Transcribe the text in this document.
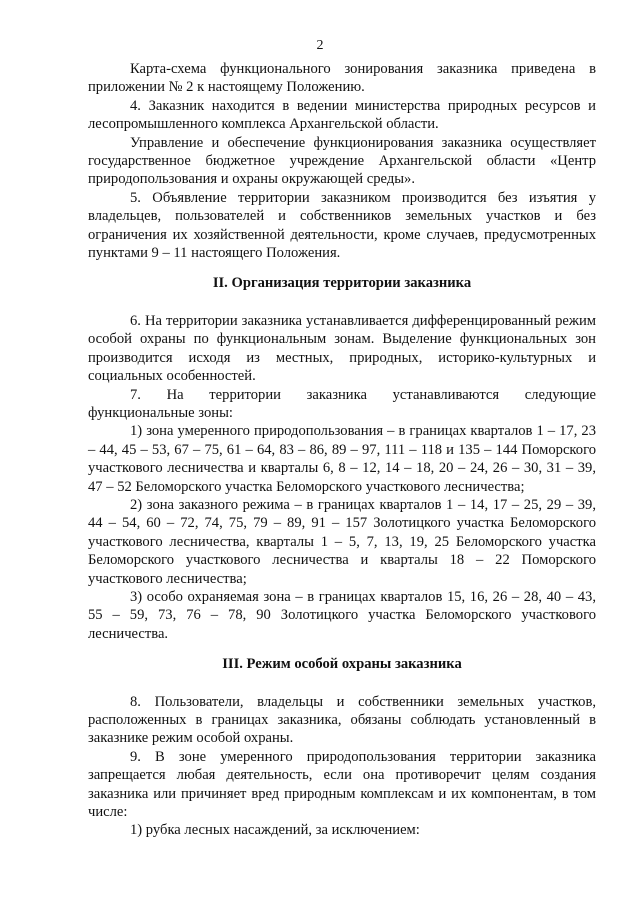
2

Карта-схема функционального зонирования заказника приведена в приложении № 2 к настоящему Положению.

4. Заказник находится в ведении министерства природных ресурсов и лесопромышленного комплекса Архангельской области.

Управление и обеспечение функционирования заказника осуществляет государственное бюджетное учреждение Архангельской области «Центр природопользования и охраны окружающей среды».

5. Объявление территории заказником производится без изъятия у владельцев, пользователей и собственников земельных участков и без ограничения их хозяйственной деятельности, кроме случаев, предусмотренных пунктами 9 – 11 настоящего Положения.

II. Организация территории заказника

6. На территории заказника устанавливается дифференцированный режим особой охраны по функциональным зонам. Выделение функциональных зон производится исходя из местных, природных, историко-культурных и социальных особенностей.

7. На территории заказника устанавливаются следующие функциональные зоны:

1) зона умеренного природопользования – в границах кварталов 1 – 17, 23 – 44, 45 – 53, 67 – 75, 61 – 64, 83 – 86, 89 – 97, 111 – 118 и 135 – 144 Поморского участкового лесничества и кварталы 6, 8 – 12, 14 – 18, 20 – 24, 26 – 30, 31 – 39, 47 – 52 Беломорского участка Беломорского участкового лесничества;

2) зона заказного режима – в границах кварталов 1 – 14, 17 – 25, 29 – 39, 44 – 54, 60 – 72, 74, 75, 79 – 89, 91 – 157 Золотицкого участка Беломорского участкового лесничества, кварталы 1 – 5, 7, 13, 19, 25 Беломорского участка Беломорского участкового лесничества и кварталы 18 – 22 Поморского участкового лесничества;

3) особо охраняемая зона – в границах кварталов 15, 16, 26 – 28, 40 – 43, 55 – 59, 73, 76 – 78, 90 Золотицкого участка Беломорского участкового лесничества.

III. Режим особой охраны заказника

8. Пользователи, владельцы и собственники земельных участков, расположенных в границах заказника, обязаны соблюдать установленный в заказнике режим особой охраны.

9. В зоне умеренного природопользования территории заказника запрещается любая деятельность, если она противоречит целям создания заказника или причиняет вред природным комплексам и их компонентам, в том числе:

1) рубка лесных насаждений, за исключением:
